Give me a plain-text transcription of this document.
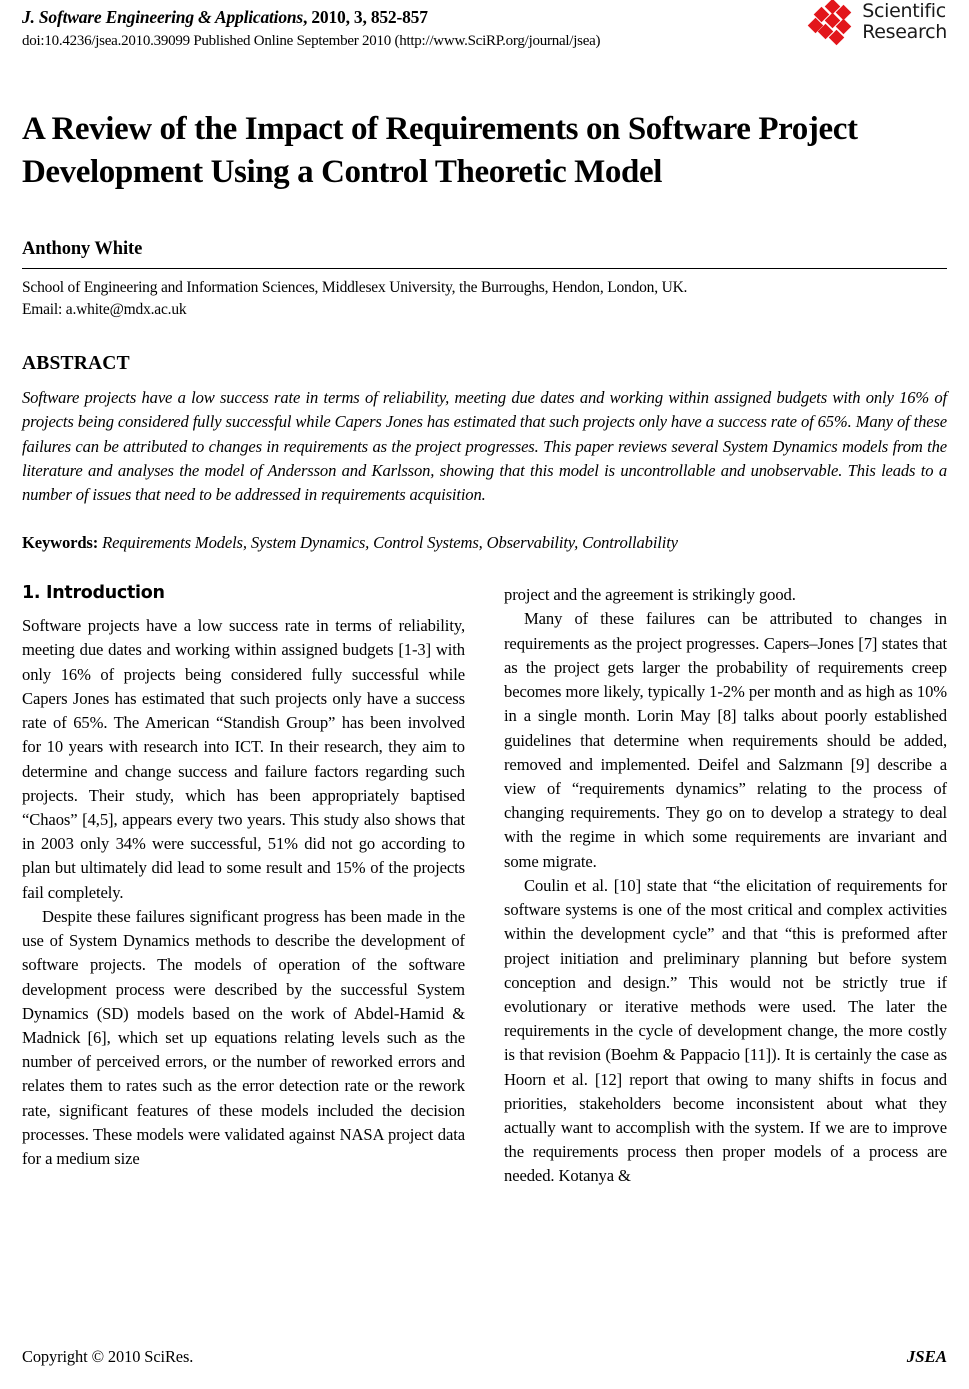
J. Software Engineering & Applications, 2010, 3, 852-857
doi:10.4236/jsea.2010.39099 Published Online September 2010 (http://www.SciRP.org/journal/jsea)
Scientific
Research
A Review of the Impact of Requirements on Software Project Development Using a Control Theoretic Model
Anthony White
School of Engineering and Information Sciences, Middlesex University, the Burroughs, Hendon, London, UK.
Email: a.white@mdx.ac.uk
ABSTRACT
Software projects have a low success rate in terms of reliability, meeting due dates and working within assigned budgets with only 16% of projects being considered fully successful while Capers Jones has estimated that such projects only have a success rate of 65%. Many of these failures can be attributed to changes in requirements as the project progresses. This paper reviews several System Dynamics models from the literature and analyses the model of Andersson and Karlsson, showing that this model is uncontrollable and unobservable. This leads to a number of issues that need to be addressed in requirements acquisition.
Keywords: Requirements Models, System Dynamics, Control Systems, Observability, Controllability
1. Introduction

Software projects have a low success rate in terms of reliability, meeting due dates and working within assigned budgets [1-3] with only 16% of projects being considered fully successful while Capers Jones has estimated that such projects only have a success rate of 65%. The American “Standish Group” has been involved for 10 years with research into ICT. In their research, they aim to determine and change success and failure factors regarding such projects. Their study, which has been appropriately baptised “Chaos” [4,5], appears every two years. This study also shows that in 2003 only 34% were successful, 51% did not go according to plan but ultimately did lead to some result and 15% of the projects fail completely.

Despite these failures significant progress has been made in the use of System Dynamics methods to describe the development of software projects. The models of operation of the software development process were described by the successful System Dynamics (SD) models based on the work of Abdel-Hamid & Madnick [6], which set up equations relating levels such as the number of perceived errors, or the number of reworked errors and relates them to rates such as the error detection rate or the rework rate, significant features of these models included the decision processes. These models were validated against NASA project data for a medium size

project and the agreement is strikingly good.

Many of these failures can be attributed to changes in requirements as the project progresses. Capers–Jones [7] states that as the project gets larger the probability of requirements creep becomes more likely, typically 1-2% per month and as high as 10% in a single month. Lorin May [8] talks about poorly established guidelines that determine when requirements should be added, removed and implemented. Deifel and Salzmann [9] describe a view of “requirements dynamics” relating to the process of changing requirements. They go on to develop a strategy to deal with the regime in which some requirements are invariant and some migrate.

Coulin et al. [10] state that “the elicitation of requirements for software systems is one of the most critical and complex activities within the development cycle” and that “this is preformed after project initiation and preliminary planning but before system conception and design.” This would not be strictly true if evolutionary or iterative methods were used. The later the requirements in the cycle of development change, the more costly is that revision (Boehm & Pappacio [11]). It is certainly the case as Hoorn et al. [12] report that owing to many shifts in focus and priorities, stakeholders become inconsistent about what they actually want to accomplish with the system. If we are to improve the requirements process then proper models of a process are needed. Kotanya &

Copyright © 2010 SciRes.	JSEA
